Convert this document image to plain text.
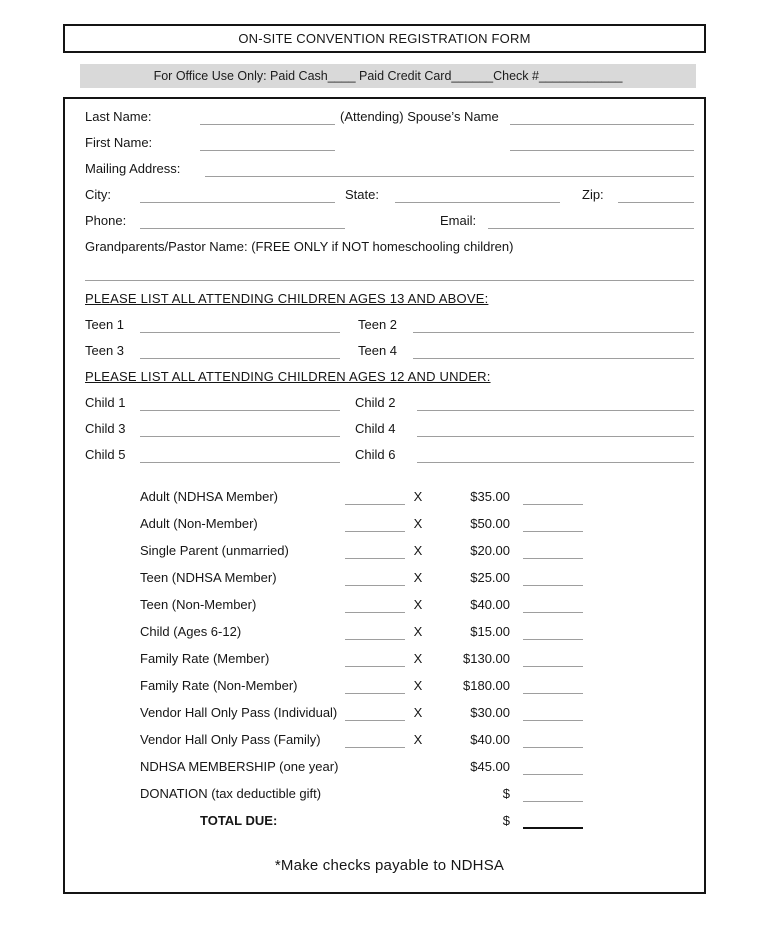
ON-SITE CONVENTION REGISTRATION FORM
For Office Use Only: Paid Cash____ Paid Credit Card______Check #____________
Last Name:	(Attending) Spouse’s Name
First Name:
Mailing Address:
City:	State:	Zip:
Phone:	Email:
Grandparents/Pastor Name: (FREE ONLY if NOT homeschooling children)
PLEASE LIST ALL ATTENDING CHILDREN AGES 13 AND ABOVE:
Teen 1	Teen 2
Teen 3	Teen 4
PLEASE LIST ALL ATTENDING CHILDREN AGES 12 AND UNDER:
Child 1	Child 2
Child 3	Child 4
Child 5	Child 6
Adult (NDHSA Member)	X	$35.00
Adult (Non-Member)	X	$50.00
Single Parent (unmarried)	X	$20.00
Teen (NDHSA Member)	X	$25.00
Teen (Non-Member)	X	$40.00
Child (Ages 6-12)	X	$15.00
Family Rate (Member)	X	$130.00
Family Rate (Non-Member)	X	$180.00
Vendor Hall Only Pass (Individual)	X	$30.00
Vendor Hall Only Pass (Family)	X	$40.00
NDHSA MEMBERSHIP (one year)	$45.00
DONATION (tax deductible gift)	$
TOTAL DUE:	$
*Make checks payable to NDHSA
